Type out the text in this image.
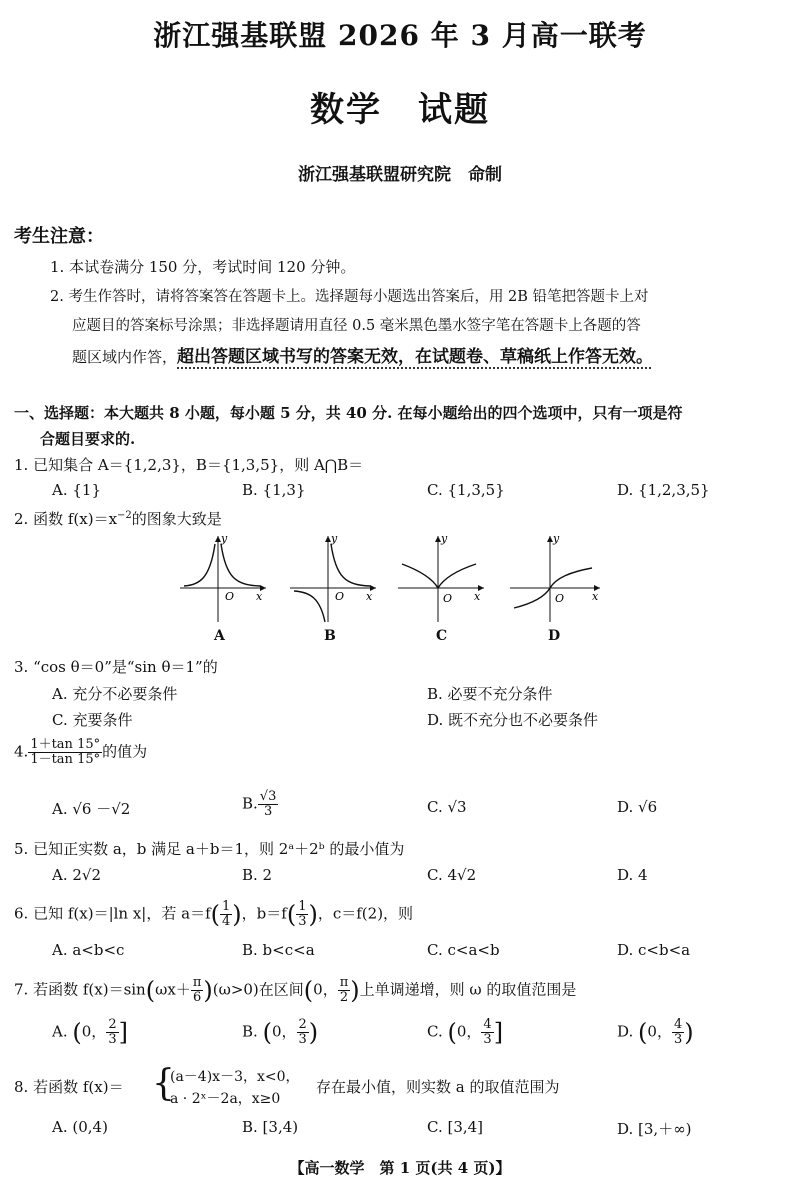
浙江强基联盟 2026 年 3 月高一联考
数学　试题
浙江强基联盟研究院　命制
考生注意：
1. 本试卷满分 150 分，考试时间 120 分钟。
2. 考生作答时，请将答案答在答题卡上。选择题每小题选出答案后，用 2B 铅笔把答题卡上对
应题目的答案标号涂黑；非选择题请用直径 0.5 毫米黑色墨水签字笔在答题卡上各题的答
题区域内作答，超出答题区域书写的答案无效，在试题卷、草稿纸上作答无效。
一、选择题：本大题共 8 小题，每小题 5 分，共 40 分. 在每小题给出的四个选项中，只有一项是符
合题目要求的.
1. 已知集合 A＝{1,2,3}，B＝{1,3,5}，则 A⋂B＝
A. {1}	B. {1,3}	C. {1,3,5}	D. {1,2,3,5}
2. 函数 $f(x)=x^{-2}$的图象大致是
y
O x
y
O x
y
O x
y
O	x
A	B	C	D
3. “cos θ＝0”是“sin θ＝1”的
A. 充分不必要条件	B. 必要不充分条件
C. 充要条件	D. 既不充分也不必要条件
4. $\frac{1+\tan 15^\circ}{1-\tan 15^\circ}$ 的值为
A. √6 －√2	B. $\frac{√3}{3}$	C. √3	D. √6
5. 已知正实数 a，b 满足 a＋b＝1，则 2ᵃ＋2ᵇ 的最小值为
A. 2√2	B. 2	C. 4√2	D. 4
6. 已知 f(x)＝|ln x|，若 $a=f( \frac{1}{4}$ )，$b=f( \frac{1}{3}$ )，c＝f(2)，则
A. a<b<c	B. b<c<a	C. c<a<b	D. c<b<a
7. 若函数 $f(x)=\sin(\omega x+ \frac{\pi}{6} )(\omega>0)$在区间(0， $\frac{\pi}{2}$ )上单调递增，则 ω 的取值范围是
A. (0， $\frac{2}{3}$ ]	B. (0， $\frac{2}{3}$ )	C. (0， $\frac{4}{3}$ ]	D. (0， $\frac{4}{3}$ )
8. 若函数 f(x)＝ {
(a－4)x－3，x<0，
a · 2ˣ－2a，x≥0
存在最小值，则实数 a 的取值范围为
A. (0,4)	B. [3,4)	C. [3,4]	D. [3,＋∞)
【高一数学　第 1 页(共 4 页)】
